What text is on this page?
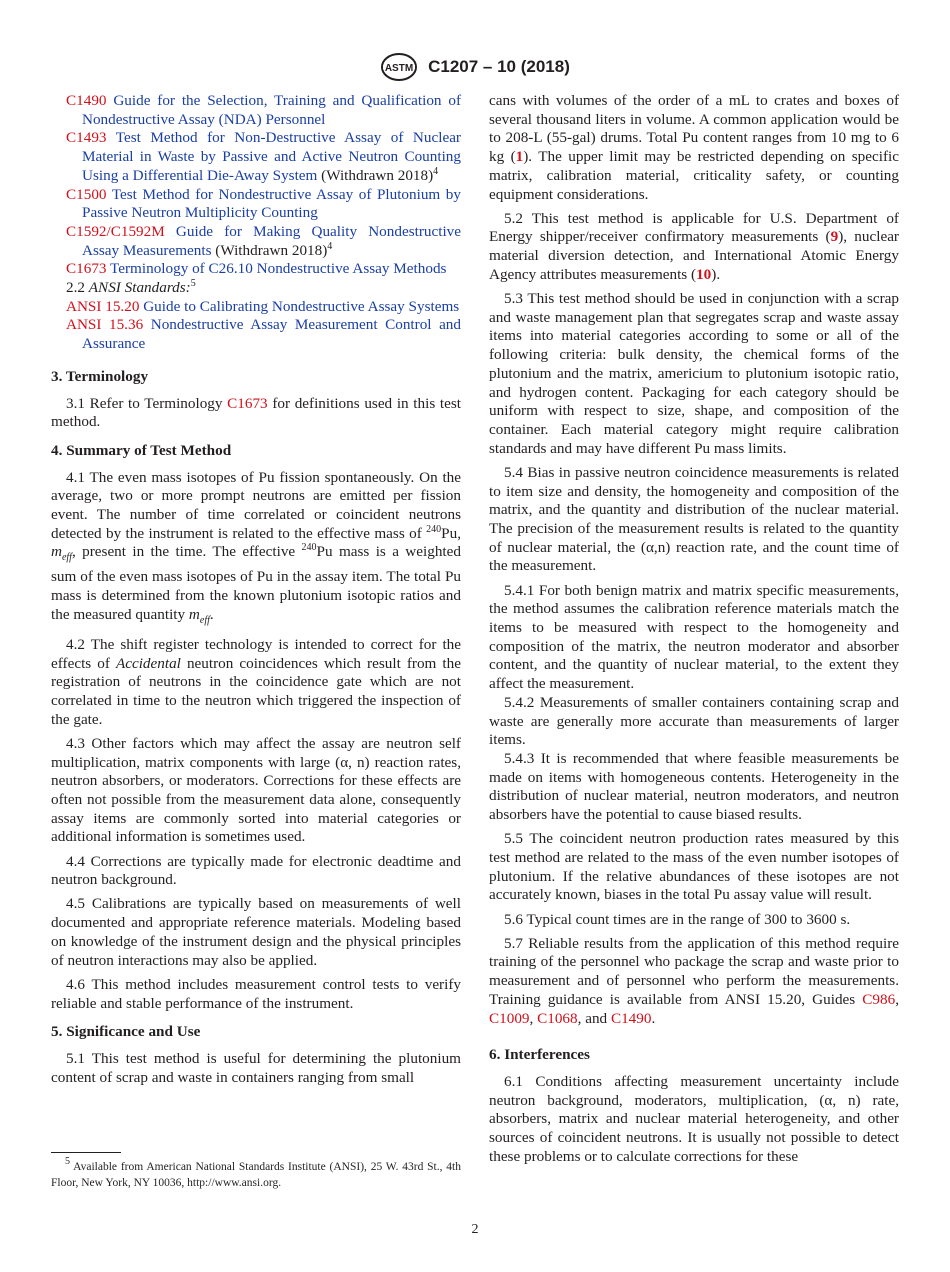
ASTM C1207 – 10 (2018)
C1490 Guide for the Selection, Training and Qualification of Nondestructive Assay (NDA) Personnel
C1493 Test Method for Non-Destructive Assay of Nuclear Material in Waste by Passive and Active Neutron Counting Using a Differential Die-Away System (Withdrawn 2018)$^4$
C1500 Test Method for Nondestructive Assay of Plutonium by Passive Neutron Multiplicity Counting
C1592/C1592M Guide for Making Quality Nondestructive Assay Measurements (Withdrawn 2018)$^4$
C1673 Terminology of C26.10 Nondestructive Assay Methods
2.2 ANSI Standards:$^5$
ANSI 15.20 Guide to Calibrating Nondestructive Assay Systems
ANSI 15.36 Nondestructive Assay Measurement Control and Assurance
3. Terminology

3.1 Refer to Terminology C1673 for definitions used in this test method.

4. Summary of Test Method

4.1 The even mass isotopes of Pu fission spontaneously. On the average, two or more prompt neutrons are emitted per fission event. The number of time correlated or coincident neutrons detected by the instrument is related to the effective mass of $^{240}$Pu, $m_{eff}$, present in the time. The effective $^{240}$Pu mass is a weighted sum of the even mass isotopes of Pu in the assay item. The total Pu mass is determined from the known plutonium isotopic ratios and the measured quantity $m_{eff}$.

4.2 The shift register technology is intended to correct for the effects of Accidental neutron coincidences which result from the registration of neutrons in the coincidence gate which are not correlated in time to the neutron which triggered the inspection of the gate.

4.3 Other factors which may affect the assay are neutron self multiplication, matrix components with large (α, n) reaction rates, neutron absorbers, or moderators. Corrections for these effects are often not possible from the measurement data alone, consequently assay items are commonly sorted into material categories or additional information is sometimes used.

4.4 Corrections are typically made for electronic deadtime and neutron background.

4.5 Calibrations are typically based on measurements of well documented and appropriate reference materials. Modeling based on knowledge of the instrument design and the physical principles of neutron interactions may also be applied.

4.6 This method includes measurement control tests to verify reliable and stable performance of the instrument.

5. Significance and Use

5.1 This test method is useful for determining the plutonium content of scrap and waste in containers ranging from small

cans with volumes of the order of a mL to crates and boxes of several thousand liters in volume. A common application would be to 208-L (55-gal) drums. Total Pu content ranges from 10 mg to 6 kg (1). The upper limit may be restricted depending on specific matrix, calibration material, criticality safety, or counting equipment considerations.

5.2 This test method is applicable for U.S. Department of Energy shipper/receiver confirmatory measurements (9), nuclear material diversion detection, and International Atomic Energy Agency attributes measurements (10).

5.3 This test method should be used in conjunction with a scrap and waste management plan that segregates scrap and waste assay items into material categories according to some or all of the following criteria: bulk density, the chemical forms of the plutonium and the matrix, americium to plutonium isotopic ratio, and hydrogen content. Packaging for each category should be uniform with respect to size, shape, and composition of the container. Each material category might require calibration standards and may have different Pu mass limits.

5.4 Bias in passive neutron coincidence measurements is related to item size and density, the homogeneity and composition of the matrix, and the quantity and distribution of the nuclear material. The precision of the measurement results is related to the quantity of nuclear material, the (α,n) reaction rate, and the count time of the measurement.

5.4.1 For both benign matrix and matrix specific measurements, the method assumes the calibration reference materials match the items to be measured with respect to the homogeneity and composition of the matrix, the neutron moderator and absorber content, and the quantity of nuclear material, to the extent they affect the measurement.

5.4.2 Measurements of smaller containers containing scrap and waste are generally more accurate than measurements of larger items.

5.4.3 It is recommended that where feasible measurements be made on items with homogeneous contents. Heterogeneity in the distribution of nuclear material, neutron moderators, and neutron absorbers have the potential to cause biased results.

5.5 The coincident neutron production rates measured by this test method are related to the mass of the even number isotopes of plutonium. If the relative abundances of these isotopes are not accurately known, biases in the total Pu assay value will result.

5.6 Typical count times are in the range of 300 to 3600 s.

5.7 Reliable results from the application of this method require training of the personnel who package the scrap and waste prior to measurement and of personnel who perform the measurements. Training guidance is available from ANSI 15.20, Guides C986, C1009, C1068, and C1490.

6. Interferences

6.1 Conditions affecting measurement uncertainty include neutron background, moderators, multiplication, (α, n) rate, absorbers, matrix and nuclear material heterogeneity, and other sources of coincident neutrons. It is usually not possible to detect these problems or to calculate corrections for these

$^5$ Available from American National Standards Institute (ANSI), 25 W. 43rd St., 4th Floor, New York, NY 10036, http://www.ansi.org.
2
